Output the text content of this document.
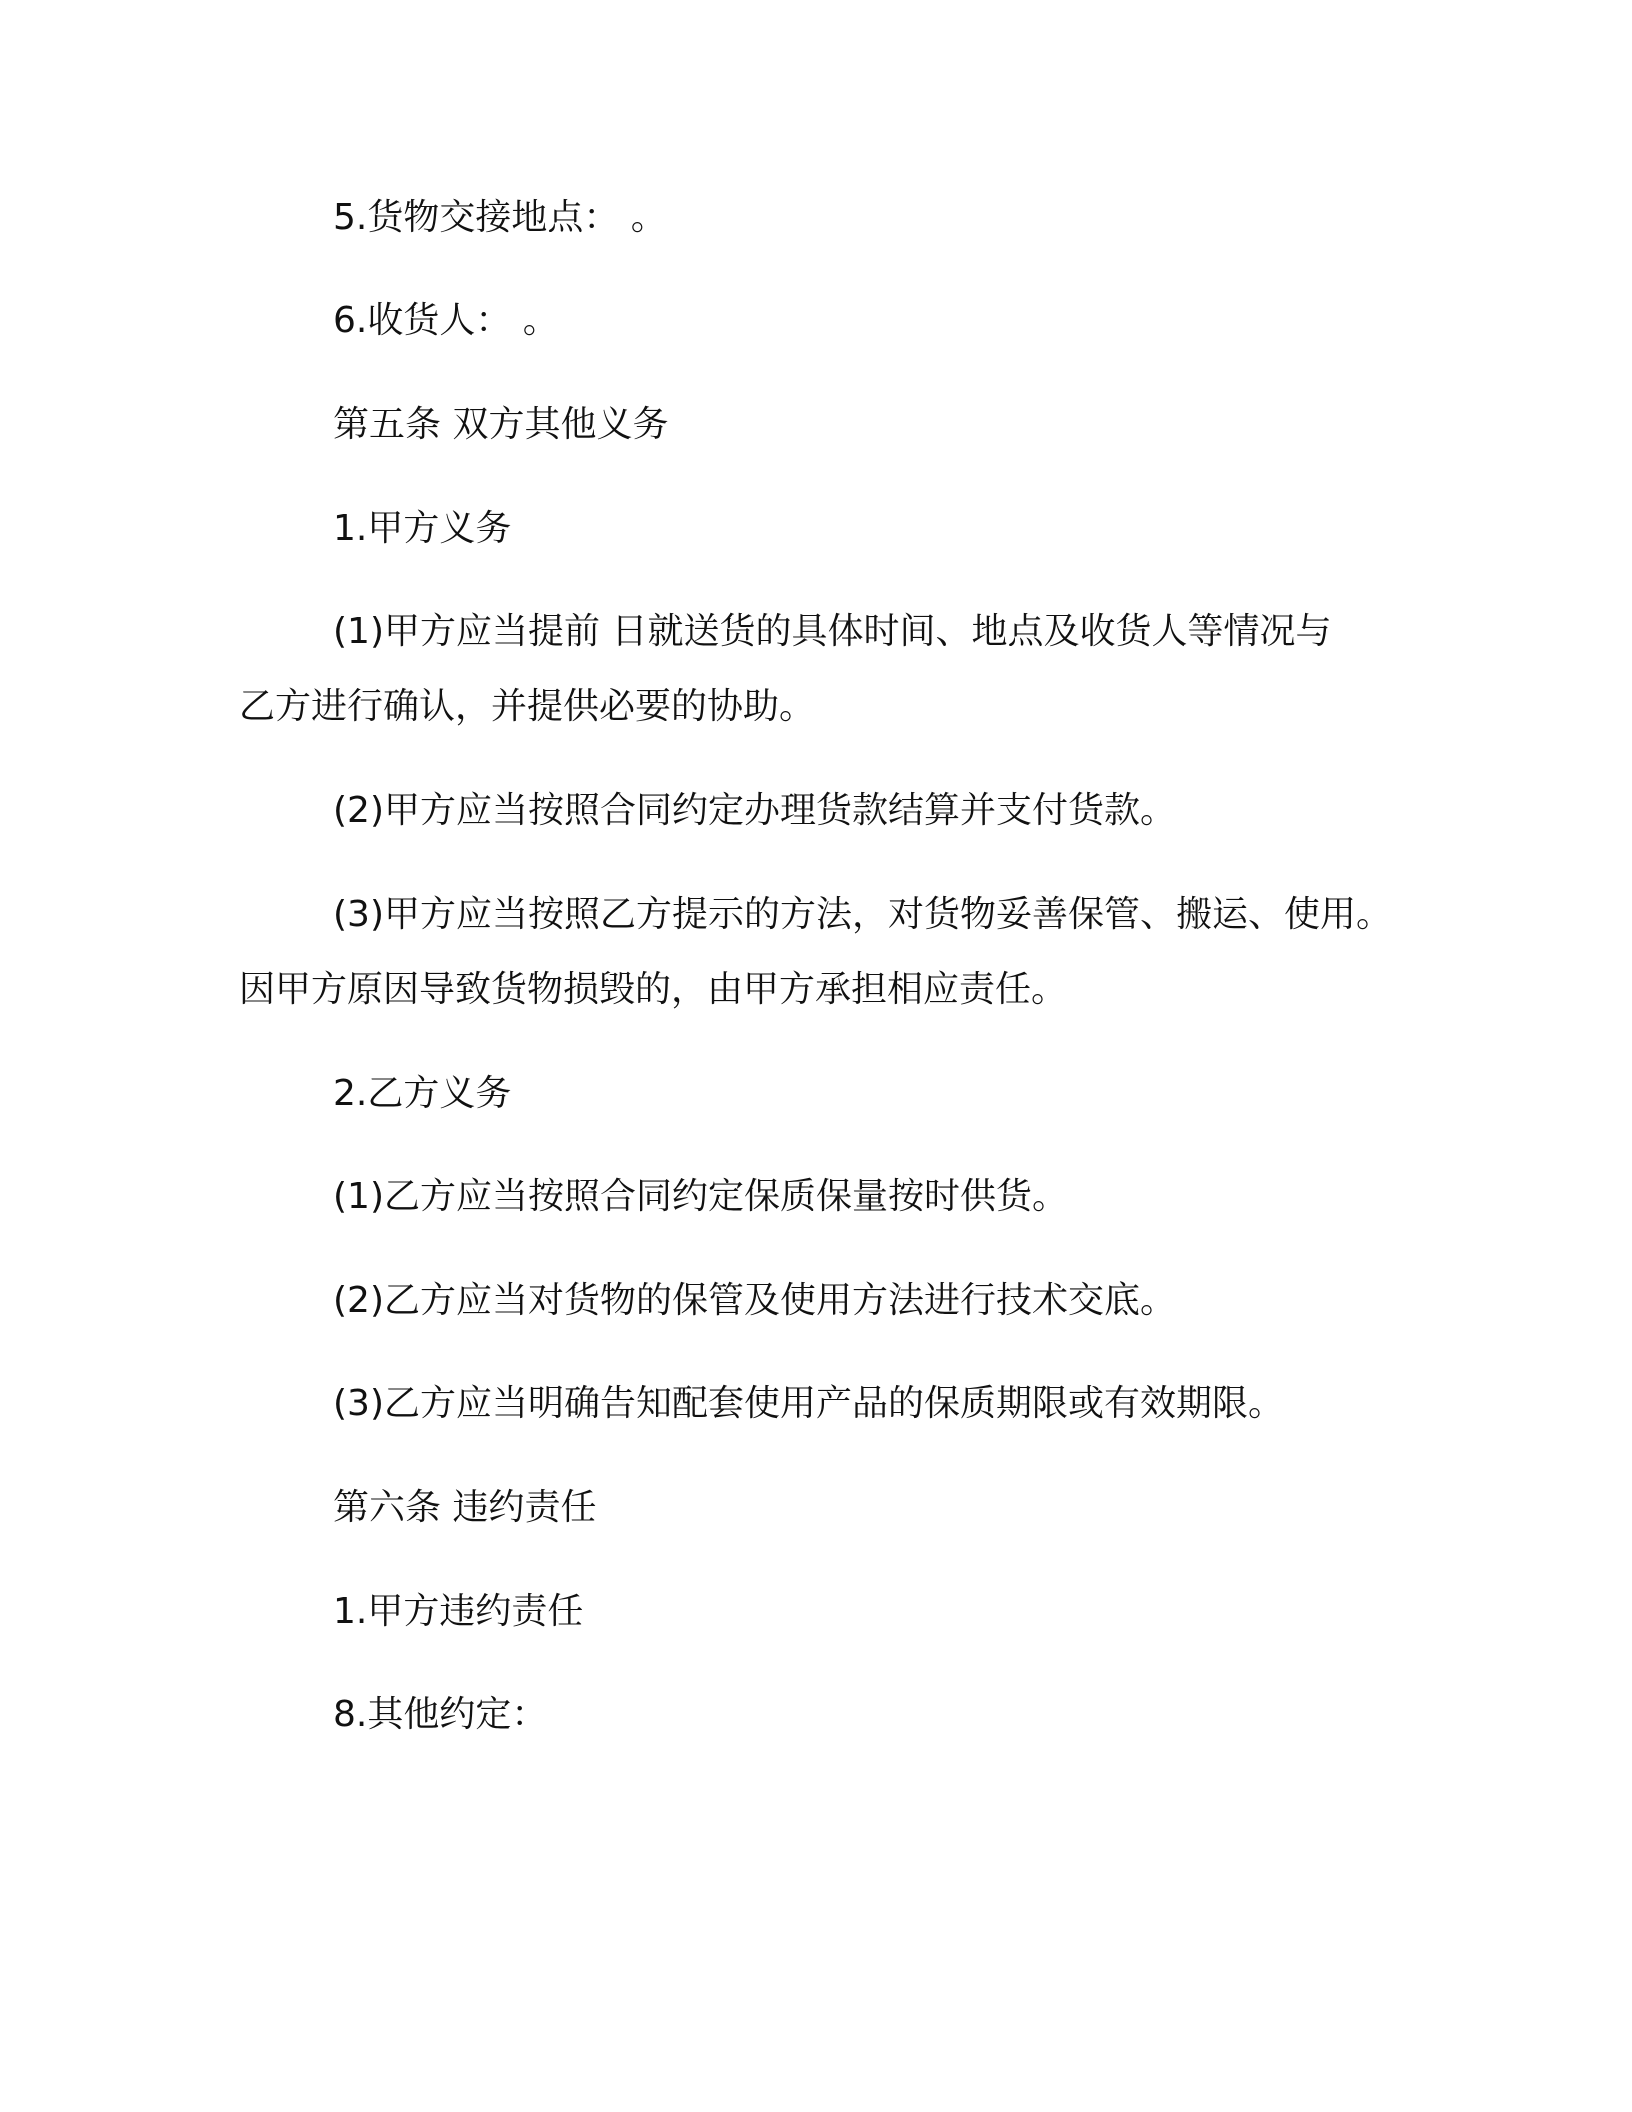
5.货物交接地点： 。
6.收货人： 。
第五条 双方其他义务
1.甲方义务
(1)甲方应当提前 日就送货的具体时间、地点及收货人等情况与
乙方进行确认，并提供必要的协助。
(2)甲方应当按照合同约定办理货款结算并支付货款。
(3)甲方应当按照乙方提示的方法，对货物妥善保管、搬运、使用。
因甲方原因导致货物损毁的，由甲方承担相应责任。
2.乙方义务
(1)乙方应当按照合同约定保质保量按时供货。
(2)乙方应当对货物的保管及使用方法进行技术交底。
(3)乙方应当明确告知配套使用产品的保质期限或有效期限。
第六条 违约责任
1.甲方违约责任
8.其他约定：
